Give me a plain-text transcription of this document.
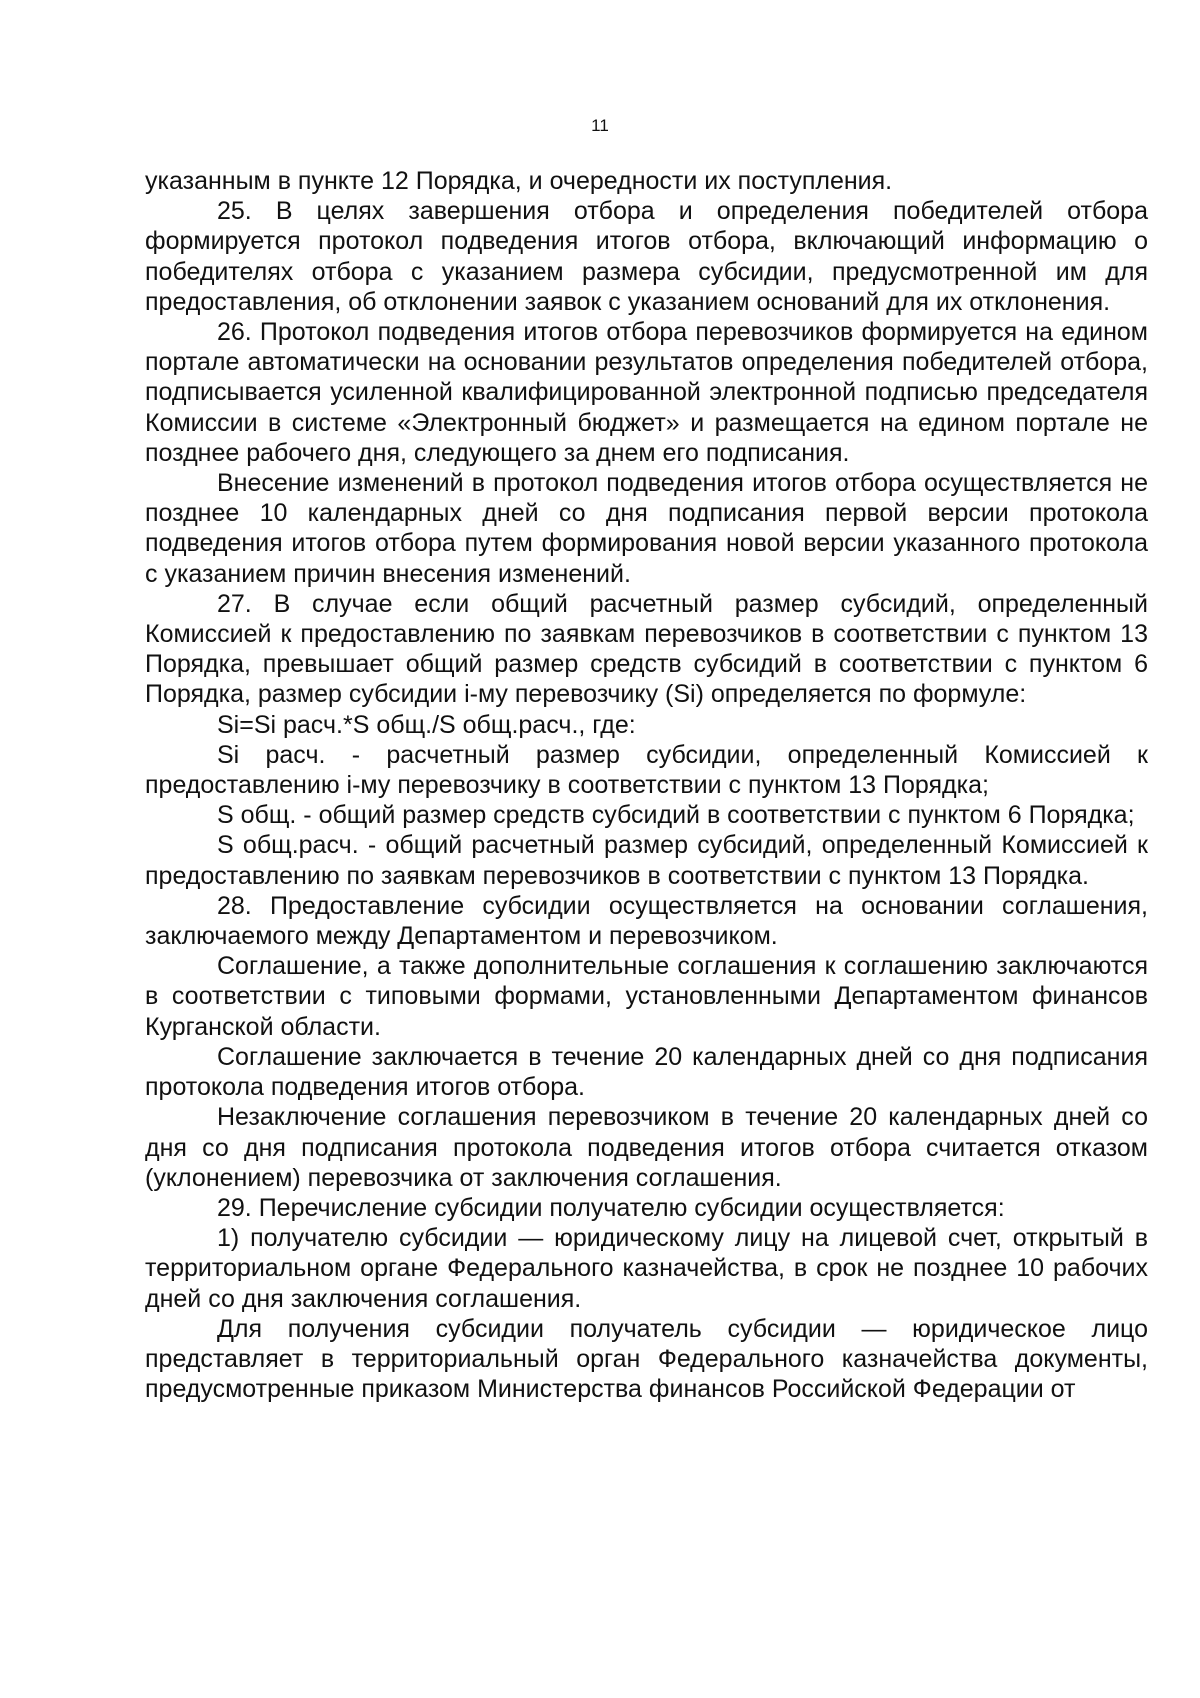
11

указанным в пункте 12 Порядка, и очередности их поступления.

25. В целях завершения отбора и определения победителей отбора формируется протокол подведения итогов отбора, включающий информацию о победителях отбора с указанием размера субсидии, предусмотренной им для предоставления, об отклонении заявок с указанием оснований для их отклонения.

26. Протокол подведения итогов отбора перевозчиков формируется на едином портале автоматически на основании результатов определения победителей отбора, подписывается усиленной квалифицированной электронной подписью председателя Комиссии в системе «Электронный бюджет» и размещается на едином портале не позднее рабочего дня, следующего за днем его подписания.

Внесение изменений в протокол подведения итогов отбора осуществляется не позднее 10 календарных дней со дня подписания первой версии протокола подведения итогов отбора путем формирования новой версии указанного протокола с указанием причин внесения изменений.

27. В случае если общий расчетный размер субсидий, определенный Комиссией к предоставлению по заявкам перевозчиков в соответствии с пунктом 13 Порядка, превышает общий размер средств субсидий в соответствии с пунктом 6 Порядка, размер субсидии i-му перевозчику (Si) определяется по формуле:

Si=Si расч.*S общ./S общ.расч., где:

Si расч. - расчетный размер субсидии, определенный Комиссией к предоставлению i-му перевозчику в соответствии с пунктом 13 Порядка;

S общ. - общий размер средств субсидий в соответствии с пунктом 6 Порядка;

S общ.расч. - общий расчетный размер субсидий, определенный Комиссией к предоставлению по заявкам перевозчиков в соответствии с пунктом 13 Порядка.

28. Предоставление субсидии осуществляется на основании соглашения, заключаемого между Департаментом и перевозчиком.

Соглашение, а также дополнительные соглашения к соглашению заключаются в соответствии с типовыми формами, установленными Департаментом финансов Курганской области.

Соглашение заключается в течение 20 календарных дней со дня подписания протокола подведения итогов отбора.

Незаключение соглашения перевозчиком в течение 20 календарных дней со дня со дня подписания протокола подведения итогов отбора считается отказом (уклонением) перевозчика от заключения соглашения.

29. Перечисление субсидии получателю субсидии осуществляется:

1) получателю субсидии — юридическому лицу на лицевой счет, открытый в территориальном органе Федерального казначейства, в срок не позднее 10 рабочих дней со дня заключения соглашения.

Для получения субсидии получатель субсидии — юридическое лицо представляет в территориальный орган Федерального казначейства документы, предусмотренные приказом Министерства финансов Российской Федерации от
